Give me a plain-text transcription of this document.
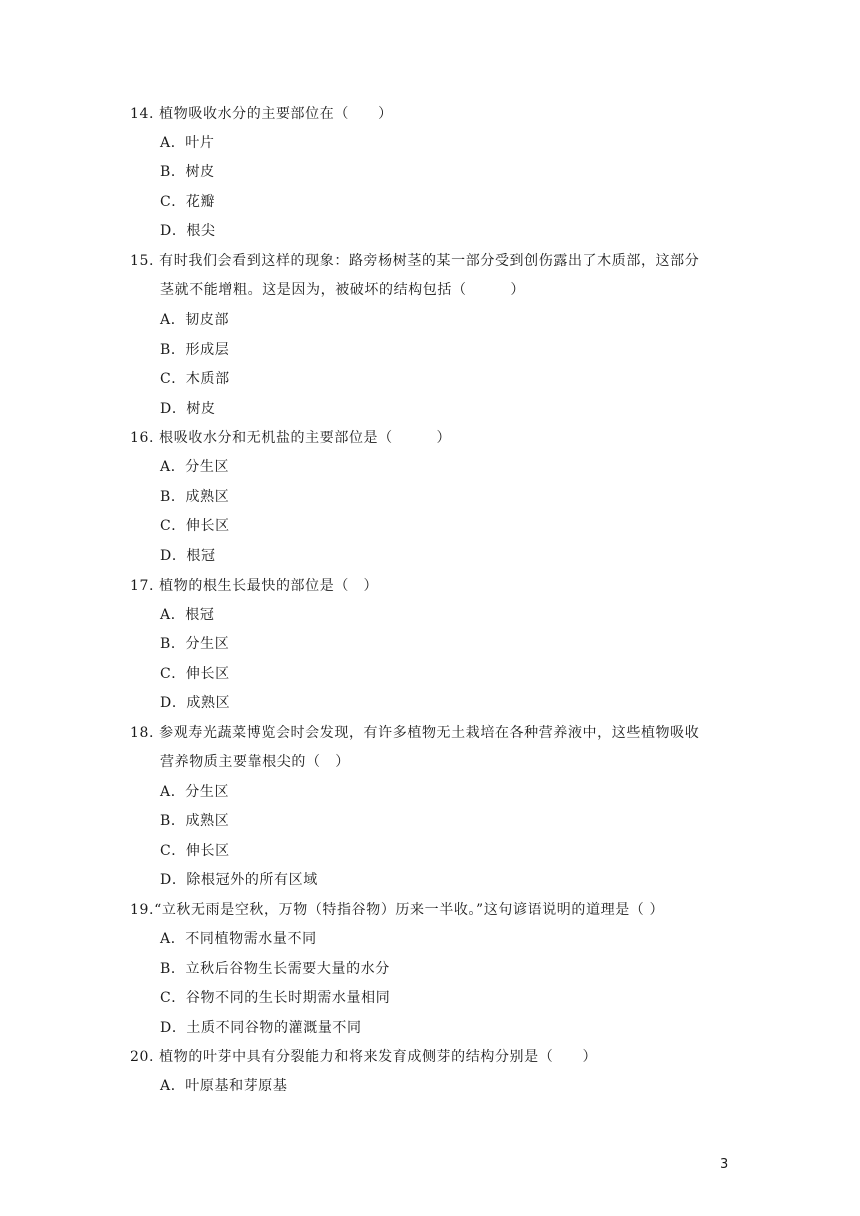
14. 植物吸收水分的主要部位在（　　）
A．叶片
B．树皮
C．花瓣
D．根尖
15. 有时我们会看到这样的现象：路旁杨树茎的某一部分受到创伤露出了木质部，这部分
茎就不能增粗。这是因为，被破坏的结构包括（　　　）
A．韧皮部
B．形成层
C．木质部
D．树皮
16. 根吸收水分和无机盐的主要部位是（　　　）
A．分生区
B．成熟区
C．伸长区
D．根冠
17. 植物的根生长最快的部位是（　）
A．根冠
B．分生区
C．伸长区
D．成熟区
18. 参观寿光蔬菜博览会时会发现，有许多植物无土栽培在各种营养液中，这些植物吸收
营养物质主要靠根尖的（　）
A．分生区
B．成熟区
C．伸长区
D．除根冠外的所有区域
19.“立秋无雨是空秋，万物（特指谷物）历来一半收。”这句谚语说明的道理是（ ）
A．不同植物需水量不同
B．立秋后谷物生长需要大量的水分
C．谷物不同的生长时期需水量相同
D．土质不同谷物的灌溉量不同
20. 植物的叶芽中具有分裂能力和将来发育成侧芽的结构分别是（　　）
A．叶原基和芽原基
3
